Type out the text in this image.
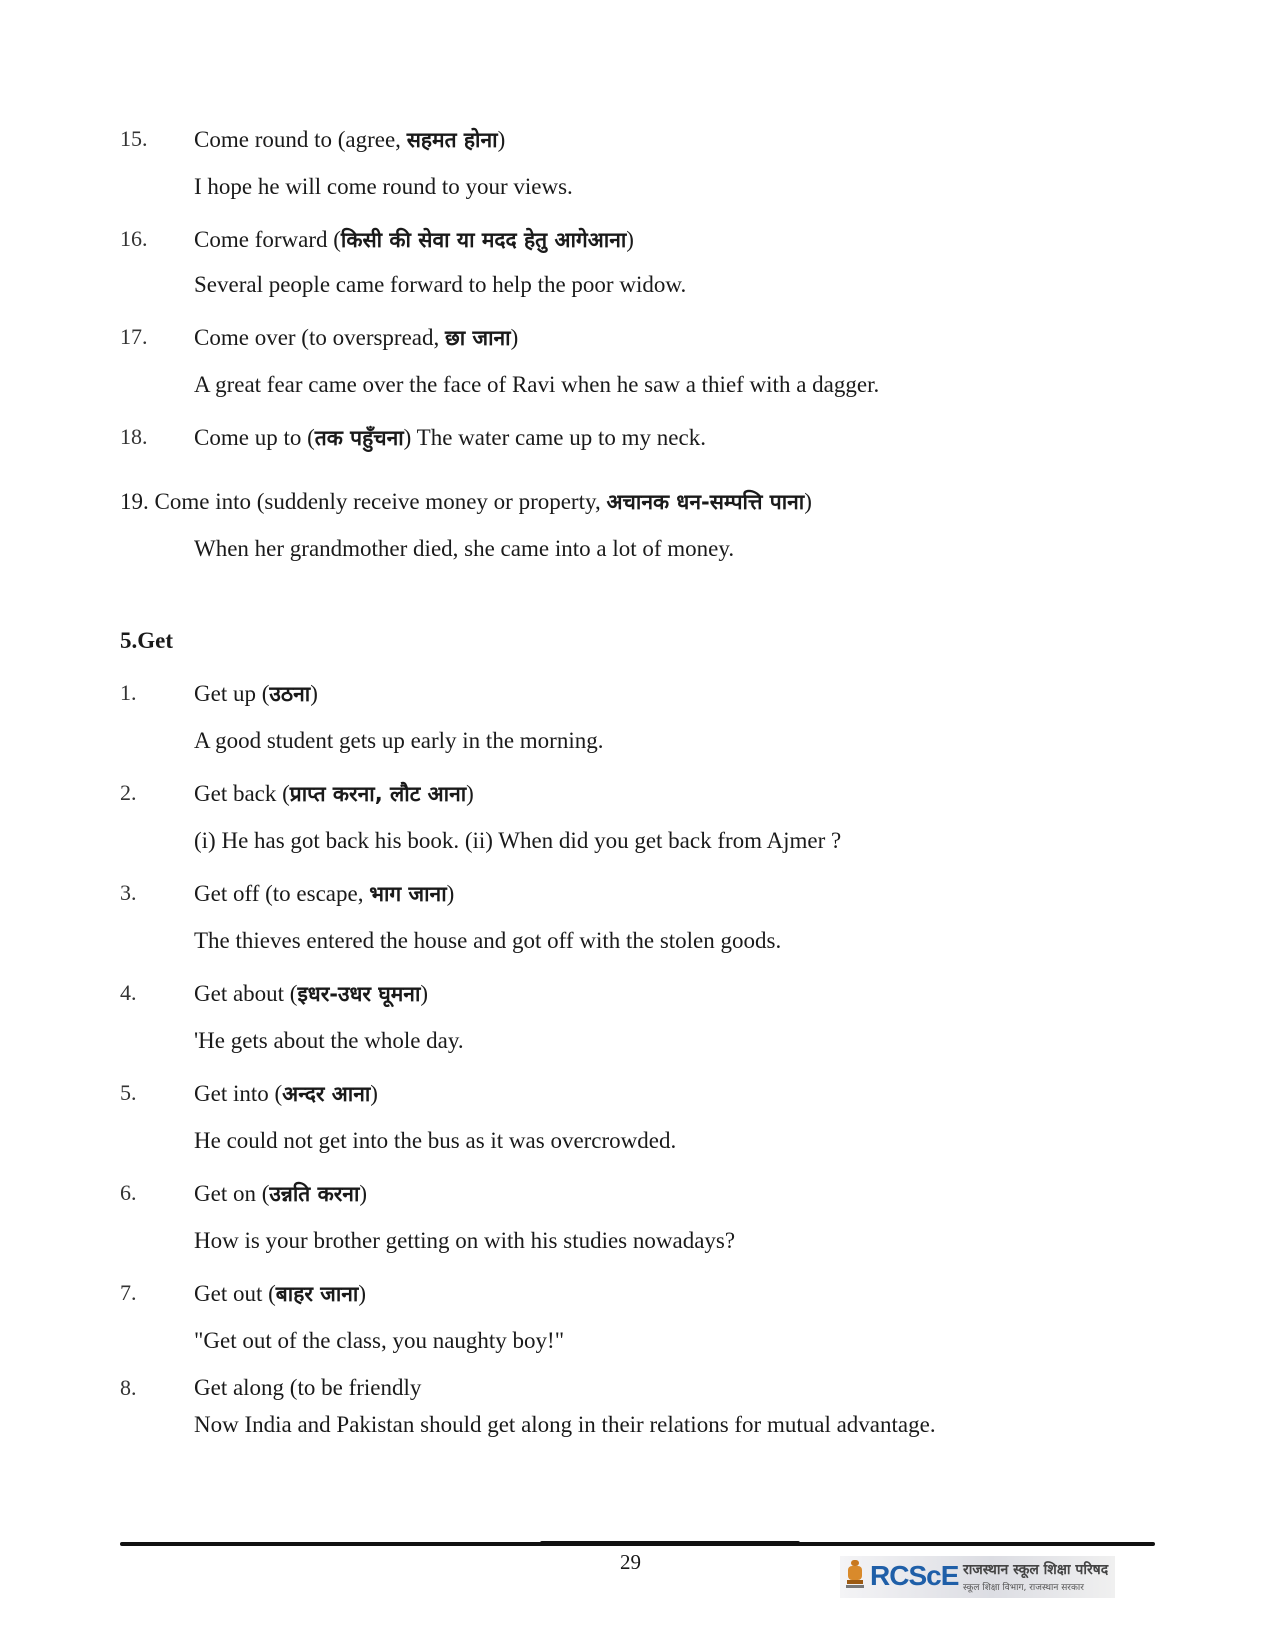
15. Come round to (agree, सहमत होना)
I hope he will come round to your views.
16. Come forward (किसी की सेवा या मदद हेतु आगेआना)
Several people came forward to help the poor widow.
17. Come over (to overspread, छा जाना)
A great fear came over the face of Ravi when he saw a thief with a dagger.
18. Come up to (तक पहुँचना) The water came up to my neck.
19. Come into (suddenly receive money or property, अचानक धन-सम्पत्ति पाना)
When her grandmother died, she came into a lot of money.
5.Get
1.	Get up (उठना)
A good student gets up early in the morning.
2.	Get back (प्राप्त करना, लौट आना)
(i) He has got back his book. (ii) When did you get back from Ajmer ?
3.	Get off (to escape, भाग जाना)
The thieves entered the house and got off with the stolen goods.
4.	Get about (इधर-उधर घूमना)
'He gets about the whole day.
5.	Get into (अन्दर आना)
He could not get into the bus as it was overcrowded.
6.	Get on (उन्नति करना)
How is your brother getting on with his studies nowadays?
7.	Get out (बाहर जाना)
"Get out of the class, you naughty boy!"
8.	Get along (to be friendly
Now India and Pakistan should get along in their relations for mutual advantage.
29	RCScE राजस्थान स्कूल शिक्षा परिषद
स्कूल शिक्षा विभाग, राजस्थान सरकार
